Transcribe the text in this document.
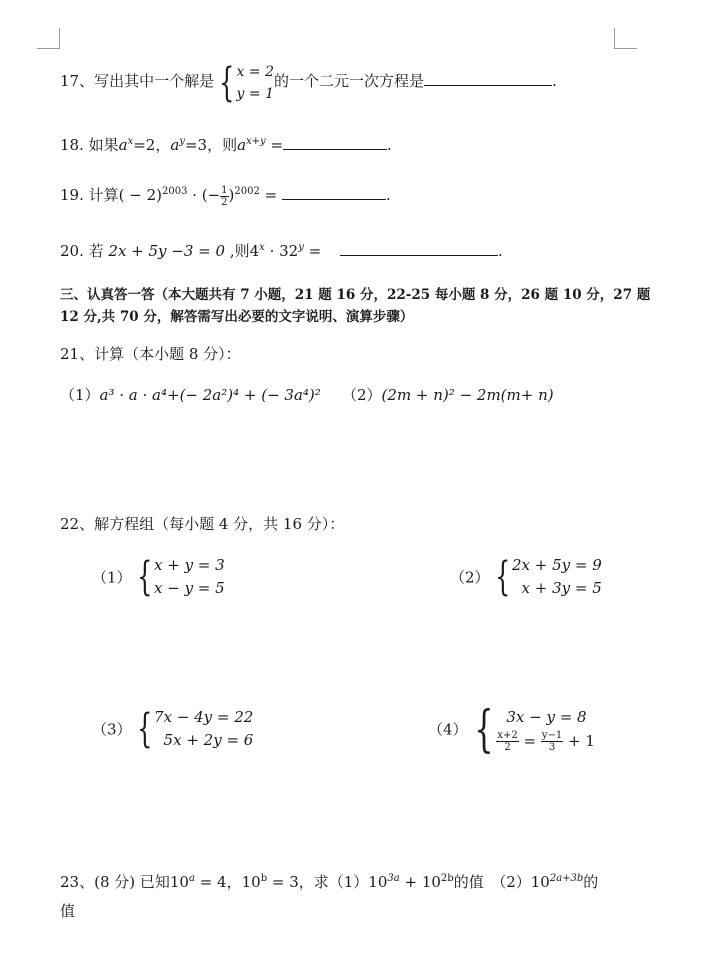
17、写出其中一个解是 { x = 2
y = 1
的一个二元一次方程是	.
18. 如果$a^x=2$，$a^y=3$，则$a^{x+y}$ =	.
19. 计算( − 2)$^{2003}$ · (− $\frac{1}{2} )^{2002}$ =	.
20. 若 2x + 5y −3 = 0 ,则$4^x \cdot 32^y$ =	.
三、认真答一答（本大题共有 7 小题，21 题 16 分，22-25 每小题 8 分，26 题 10 分，27 题
12 分,共 70 分，解答需写出必要的文字说明、演算步骤）
21、计算（本小题 8 分）：
（1）a³ · a · a⁴+(− 2a²)⁴ + (− 3a⁴)² （2）(2m + n)² − 2m(m+ n)
22、解方程组（每小题 4 分，共 16 分）：
（1） { x + y = 3
x − y = 5
（2） { 2x + 5y = 9
x + 3y = 5
（3） { 7x − 4y = 22
5x + 2y = 6
（4） { 3x − y = 8
$\frac{x+2}{2} = \frac{y-1}{3} + 1$
23、(8 分) 已知$10^a = 4$，$10^b = 3$，求$(1)10^{3a} + 10^{2b}$的值　$(2)10^{2a+3b}$的
值
